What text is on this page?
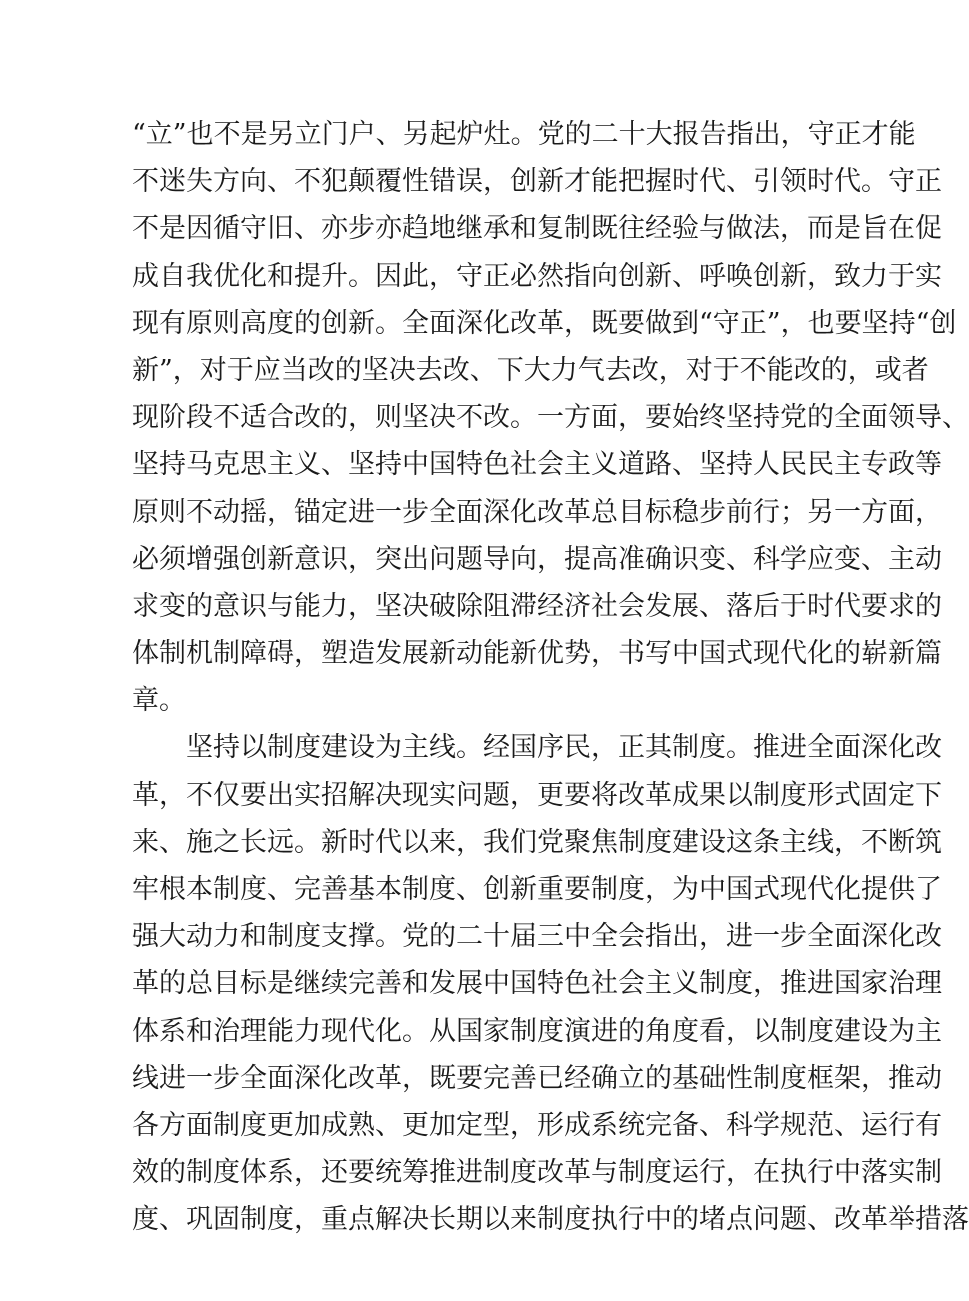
“立”也不是另立门户、另起炉灶。党的二十大报告指出，守正才能
不迷失方向、不犯颠覆性错误，创新才能把握时代、引领时代。守正
不是因循守旧、亦步亦趋地继承和复制既往经验与做法，而是旨在促
成自我优化和提升。因此，守正必然指向创新、呼唤创新，致力于实
现有原则高度的创新。全面深化改革，既要做到“守正”，也要坚持“创
新”，对于应当改的坚决去改、下大力气去改，对于不能改的，或者
现阶段不适合改的，则坚决不改。一方面，要始终坚持党的全面领导、
坚持马克思主义、坚持中国特色社会主义道路、坚持人民民主专政等
原则不动摇，锚定进一步全面深化改革总目标稳步前行；另一方面，
必须增强创新意识，突出问题导向，提高准确识变、科学应变、主动
求变的意识与能力，坚决破除阻滞经济社会发展、落后于时代要求的
体制机制障碍，塑造发展新动能新优势，书写中国式现代化的崭新篇
章。
坚持以制度建设为主线。经国序民，正其制度。推进全面深化改
革，不仅要出实招解决现实问题，更要将改革成果以制度形式固定下
来、施之长远。新时代以来，我们党聚焦制度建设这条主线，不断筑
牢根本制度、完善基本制度、创新重要制度，为中国式现代化提供了
强大动力和制度支撑。党的二十届三中全会指出，进一步全面深化改
革的总目标是继续完善和发展中国特色社会主义制度，推进国家治理
体系和治理能力现代化。从国家制度演进的角度看，以制度建设为主
线进一步全面深化改革，既要完善已经确立的基础性制度框架，推动
各方面制度更加成熟、更加定型，形成系统完备、科学规范、运行有
效的制度体系，还要统筹推进制度改革与制度运行，在执行中落实制
度、巩固制度，重点解决长期以来制度执行中的堵点问题、改革举措落
